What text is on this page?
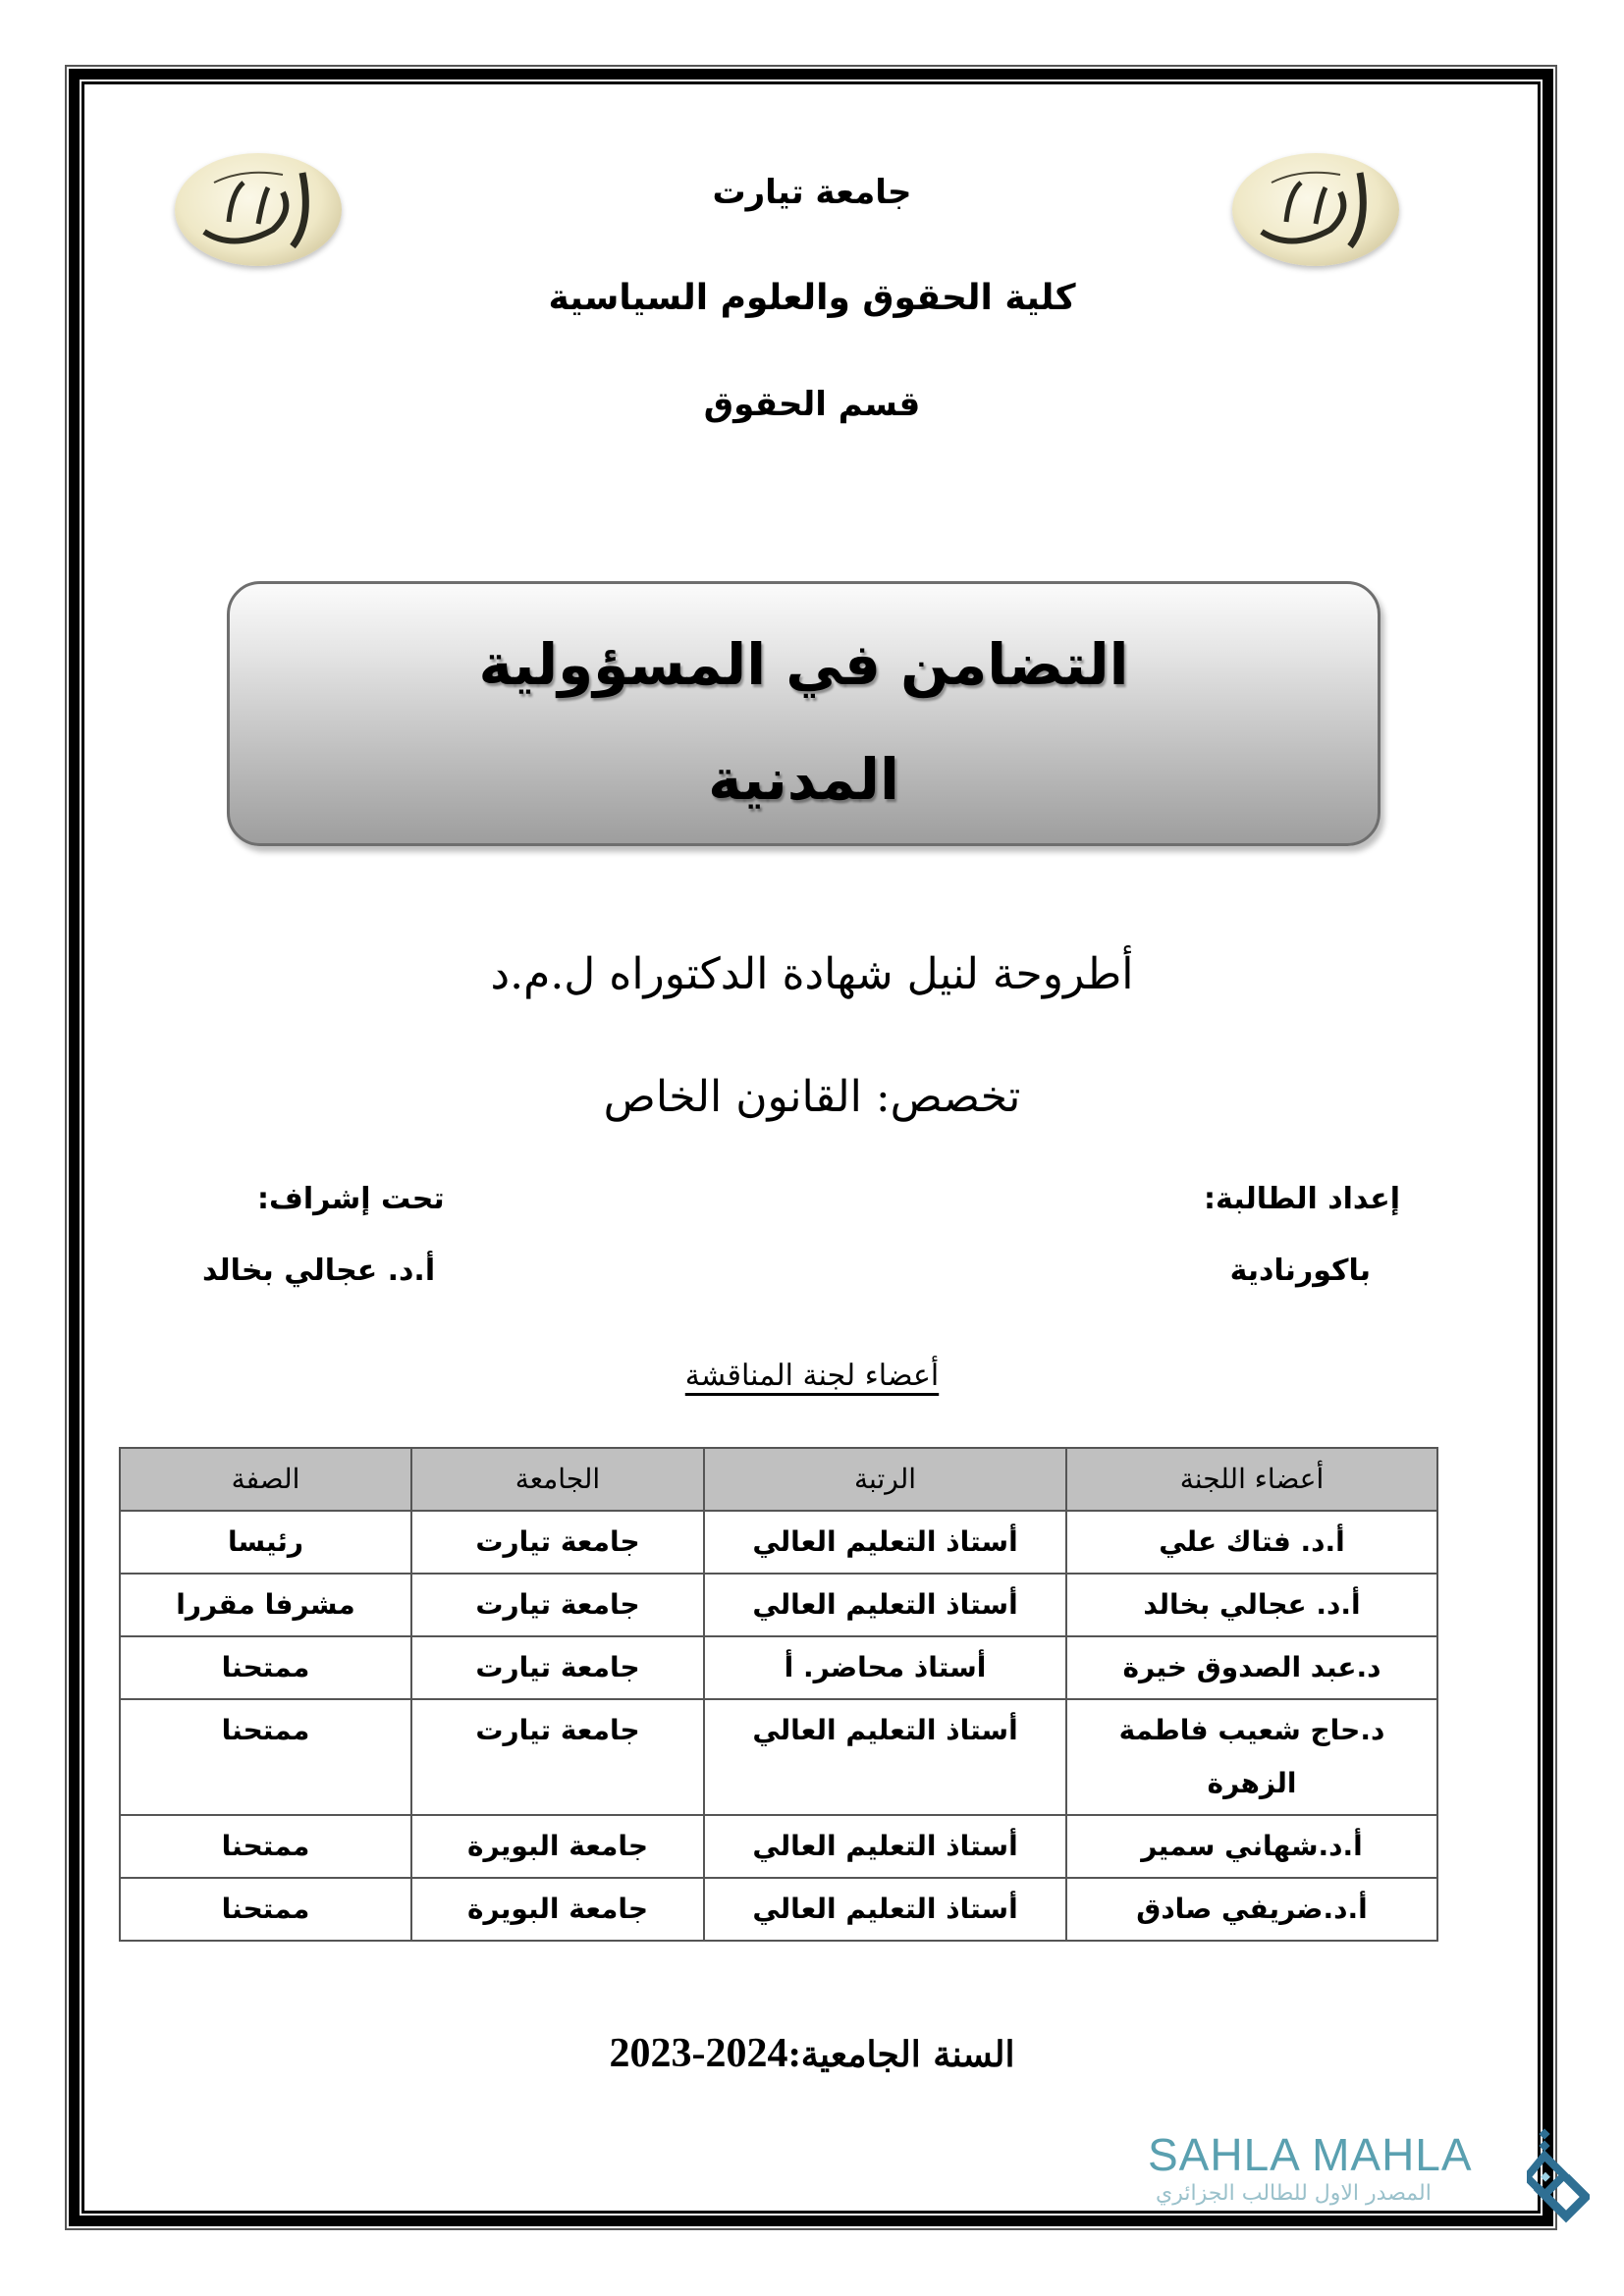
جامعة تيارت
كلية الحقوق والعلوم السياسية
قسم الحقوق
التضامن في المسؤولية
المدنية
أطروحة لنيل شهادة الدكتوراه ل.م.د
تخصص: القانون الخاص
إعداد الطالبة:
باكورنادية
تحت إشراف:
أ.د. عجالي بخالد
أعضاء لجنة المناقشة
أعضاء اللجنة	الرتبة	الجامعة	الصفة
أ.د. فتاك علي	أستاذ التعليم العالي	جامعة تيارت	رئيسا
أ.د. عجالي بخالد	أستاذ التعليم العالي	جامعة تيارت	مشرفا مقررا
د.عبد الصدوق خيرة	أستاذ محاضر. أ	جامعة تيارت	ممتحنا
د.حاج شعيب فاطمة الزهرة	أستاذ التعليم العالي	جامعة تيارت	ممتحنا
أ.د.شهاني سمير	أستاذ التعليم العالي	جامعة البويرة	ممتحنا
أ.د.ضريفي صادق	أستاذ التعليم العالي	جامعة البويرة	ممتحنا
السنة الجامعية:2023-2024
SAHLA MAHLA
المصدر الاول للطالب الجزائري
